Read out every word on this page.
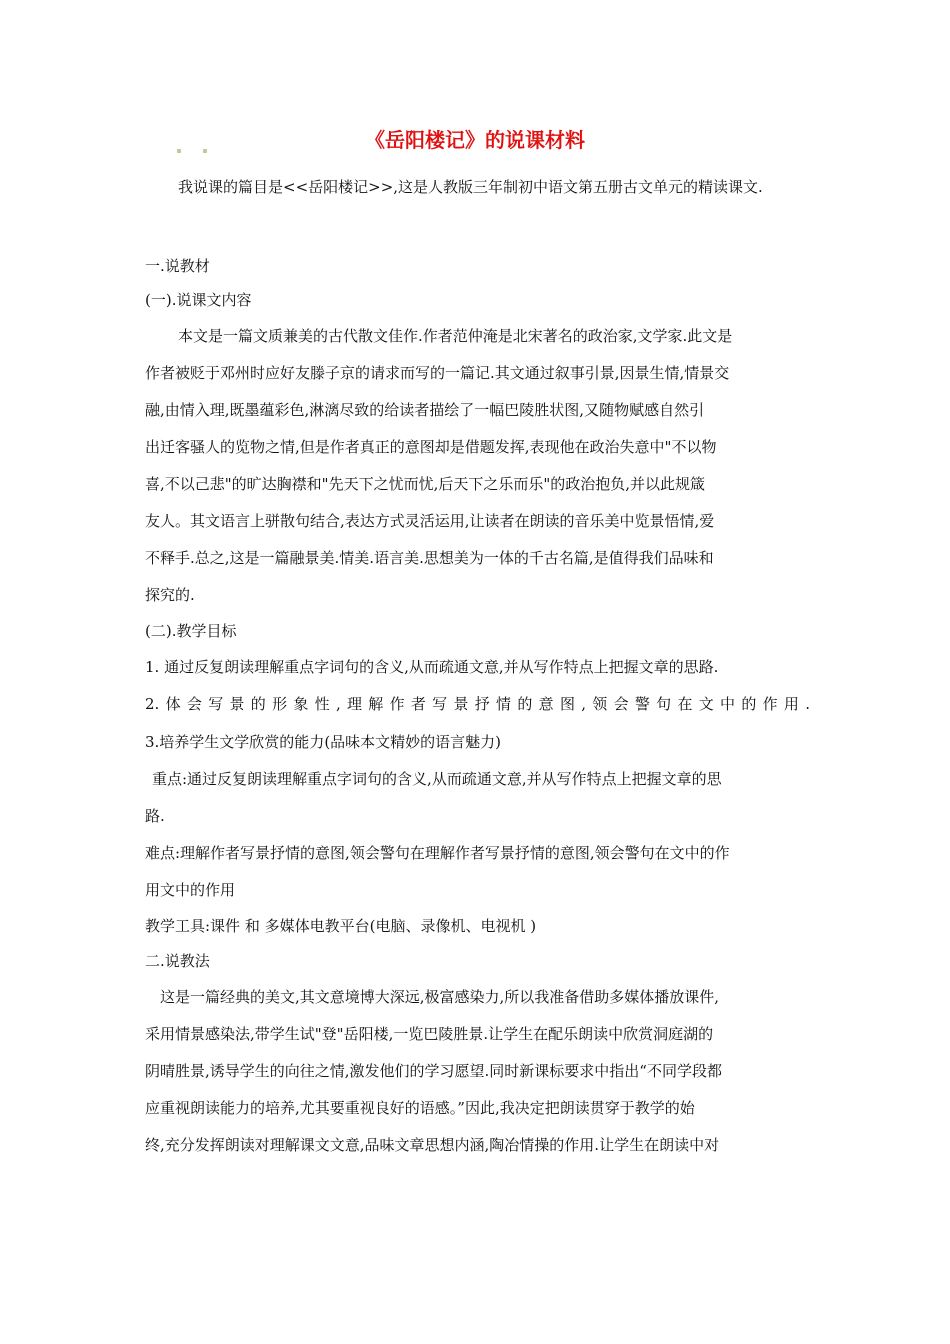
《岳阳楼记》的说课材料
我说课的篇目是<<岳阳楼记>>,这是人教版三年制初中语文第五册古文单元的精读课文.
一.说教材
(一).说课文内容
本文是一篇文质兼美的古代散文佳作.作者范仲淹是北宋著名的政治家,文学家.此文是
作者被贬于邓州时应好友滕子京的请求而写的一篇记.其文通过叙事引景,因景生情,情景交
融,由情入理,既墨蕴彩色,淋漓尽致的给读者描绘了一幅巴陵胜状图,又随物赋感自然引
出迁客骚人的览物之情,但是作者真正的意图却是借题发挥,表现他在政治失意中"不以物
喜,不以己悲"的旷达胸襟和"先天下之忧而忧,后天下之乐而乐"的政治抱负,并以此规箴
友人。其文语言上骈散句结合,表达方式灵活运用,让读者在朗读的音乐美中览景悟情,爱
不释手.总之,这是一篇融景美.情美.语言美.思想美为一体的千古名篇,是值得我们品味和
探究的.
(二).教学目标
1. 通过反复朗读理解重点字词句的含义,从而疏通文意,并从写作特点上把握文章的思路.
2.体会写景的形象性,理解作者写景抒情的意图,领会警句在文中的作用.
3.培养学生文学欣赏的能力(品味本文精妙的语言魅力)
重点:通过反复朗读理解重点字词句的含义,从而疏通文意,并从写作特点上把握文章的思
路.
难点:理解作者写景抒情的意图,领会警句在理解作者写景抒情的意图,领会警句在文中的作
用文中的作用
教学工具:课件 和 多媒体电教平台(电脑、录像机、电视机 )
二.说教法
这是一篇经典的美文,其文意境博大深远,极富感染力,所以我准备借助多媒体播放课件,
采用情景感染法,带学生试"登"岳阳楼,一览巴陵胜景.让学生在配乐朗读中欣赏洞庭湖的
阴晴胜景,诱导学生的向往之情,激发他们的学习愿望.同时新课标要求中指出“不同学段都
应重视朗读能力的培养,尤其要重视良好的语感。”因此,我决定把朗读贯穿于教学的始
终,充分发挥朗读对理解课文文意,品味文章思想内涵,陶冶情操的作用.让学生在朗读中对
